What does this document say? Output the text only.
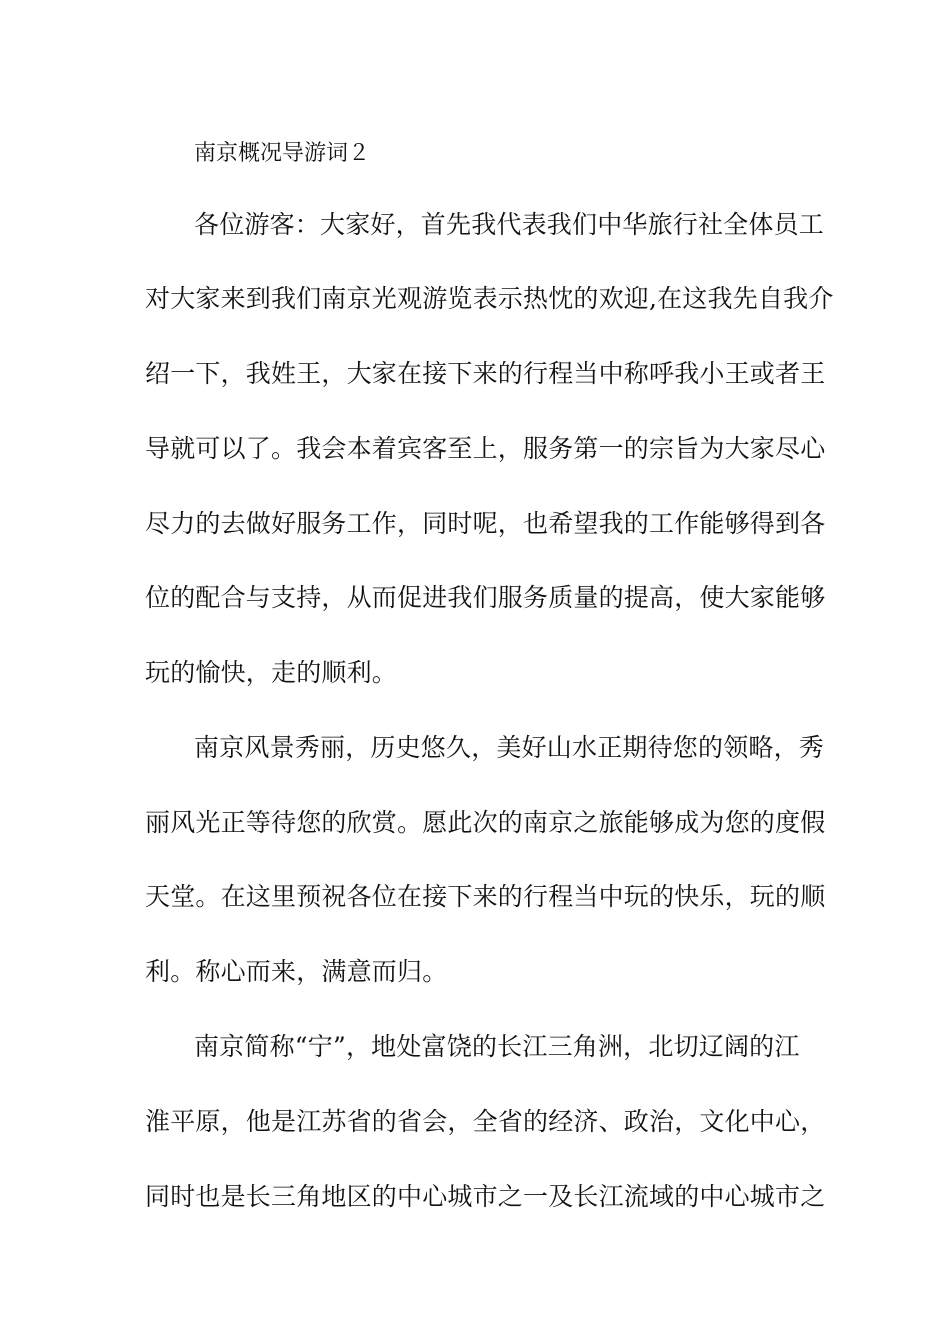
南京概况导游词２
各位游客：大家好，首先我代表我们中华旅行社全体员工
对大家来到我们南京光观游览表示热忱的欢迎,在这我先自我介
绍一下，我姓王，大家在接下来的行程当中称呼我小王或者王
导就可以了。我会本着宾客至上，服务第一的宗旨为大家尽心
尽力的去做好服务工作，同时呢，也希望我的工作能够得到各
位的配合与支持，从而促进我们服务质量的提高，使大家能够
玩的愉快，走的顺利。
南京风景秀丽，历史悠久，美好山水正期待您的领略，秀
丽风光正等待您的欣赏。愿此次的南京之旅能够成为您的度假
天堂。在这里预祝各位在接下来的行程当中玩的快乐，玩的顺
利。称心而来，满意而归。
南京简称“宁”，地处富饶的长江三角洲，北切辽阔的江
淮平原，他是江苏省的省会，全省的经济、政治，文化中心，
同时也是长三角地区的中心城市之一及长江流域的中心城市之
